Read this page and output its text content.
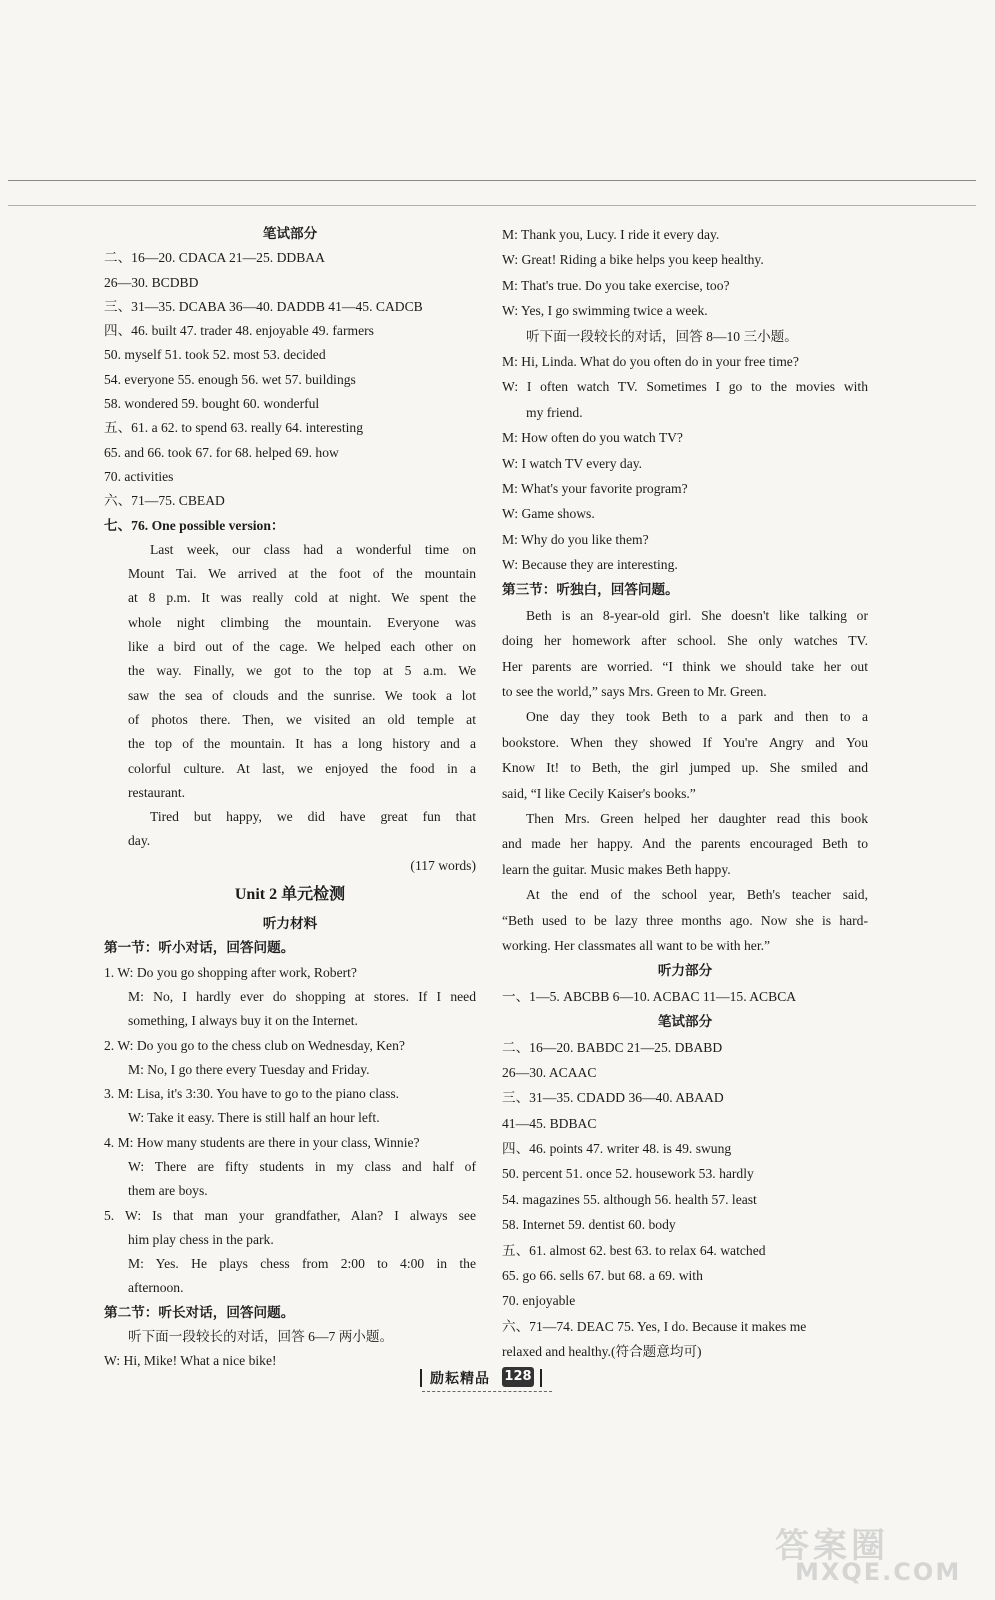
笔试部分
二、16—20. CDACA 21—25. DDBAA
26—30. BCDBD
三、31—35. DCABA 36—40. DADDB 41—45. CADCB
四、46. built 47. trader 48. enjoyable 49. farmers
50. myself 51. took 52. most 53. decided
54. everyone 55. enough 56. wet 57. buildings
58. wondered 59. bought 60. wonderful
五、61. a 62. to spend 63. really 64. interesting
65. and 66. took 67. for 68. helped 69. how
70. activities
六、71—75. CBEAD
七、76. One possible version：
Last week, our class had a wonderful time on
Mount Tai. We arrived at the foot of the mountain
at 8 p.m. It was really cold at night. We spent the
whole night climbing the mountain. Everyone was
like a bird out of the cage. We helped each other on
the way. Finally, we got to the top at 5 a.m. We
saw the sea of clouds and the sunrise. We took a lot
of photos there. Then, we visited an old temple at
the top of the mountain. It has a long history and a
colorful culture. At last, we enjoyed the food in a
restaurant.
Tired but happy, we did have great fun that
day.
(117 words)
Unit 2 单元检测
听力材料
第一节：听小对话，回答问题。
1. W: Do you go shopping after work, Robert?
M: No, I hardly ever do shopping at stores. If I need
something, I always buy it on the Internet.
2. W: Do you go to the chess club on Wednesday, Ken?
M: No, I go there every Tuesday and Friday.
3. M: Lisa, it's 3:30. You have to go to the piano class.
W: Take it easy. There is still half an hour left.
4. M: How many students are there in your class, Winnie?
W: There are fifty students in my class and half of
them are boys.
5. W: Is that man your grandfather, Alan? I always see
him play chess in the park.
M: Yes. He plays chess from 2:00 to 4:00 in the
afternoon.
第二节：听长对话，回答问题。
听下面一段较长的对话，回答 6—7 两小题。
W: Hi, Mike! What a nice bike!
M: Thank you, Lucy. I ride it every day.
W: Great! Riding a bike helps you keep healthy.
M: That's true. Do you take exercise, too?
W: Yes, I go swimming twice a week.
听下面一段较长的对话，回答 8—10 三小题。
M: Hi, Linda. What do you often do in your free time?
W: I often watch TV. Sometimes I go to the movies with
my friend.
M: How often do you watch TV?
W: I watch TV every day.
M: What's your favorite program?
W: Game shows.
M: Why do you like them?
W: Because they are interesting.
第三节：听独白，回答问题。
Beth is an 8-year-old girl. She doesn't like talking or
doing her homework after school. She only watches TV.
Her parents are worried. “I think we should take her out
to see the world,” says Mrs. Green to Mr. Green.
One day they took Beth to a park and then to a
bookstore. When they showed If You're Angry and You
Know It! to Beth, the girl jumped up. She smiled and
said, “I like Cecily Kaiser's books.”
Then Mrs. Green helped her daughter read this book
and made her happy. And the parents encouraged Beth to
learn the guitar. Music makes Beth happy.
At the end of the school year, Beth's teacher said,
“Beth used to be lazy three months ago. Now she is hard-
working. Her classmates all want to be with her.”
听力部分
一、1—5. ABCBB 6—10. ACBAC 11—15. ACBCA
笔试部分
二、16—20. BABDC 21—25. DBABD
26—30. ACAAC
三、31—35. CDADD 36—40. ABAAD
41—45. BDBAC
四、46. points 47. writer 48. is 49. swung
50. percent 51. once 52. housework 53. hardly
54. magazines 55. although 56. health 57. least
58. Internet 59. dentist 60. body
五、61. almost 62. best 63. to relax 64. watched
65. go 66. sells 67. but 68. a 69. with
70. enjoyable
六、71—74. DEAC 75. Yes, I do. Because it makes me
relaxed and healthy.(符合题意均可)
励耘精品 128
答案圈
MXQE.COM
